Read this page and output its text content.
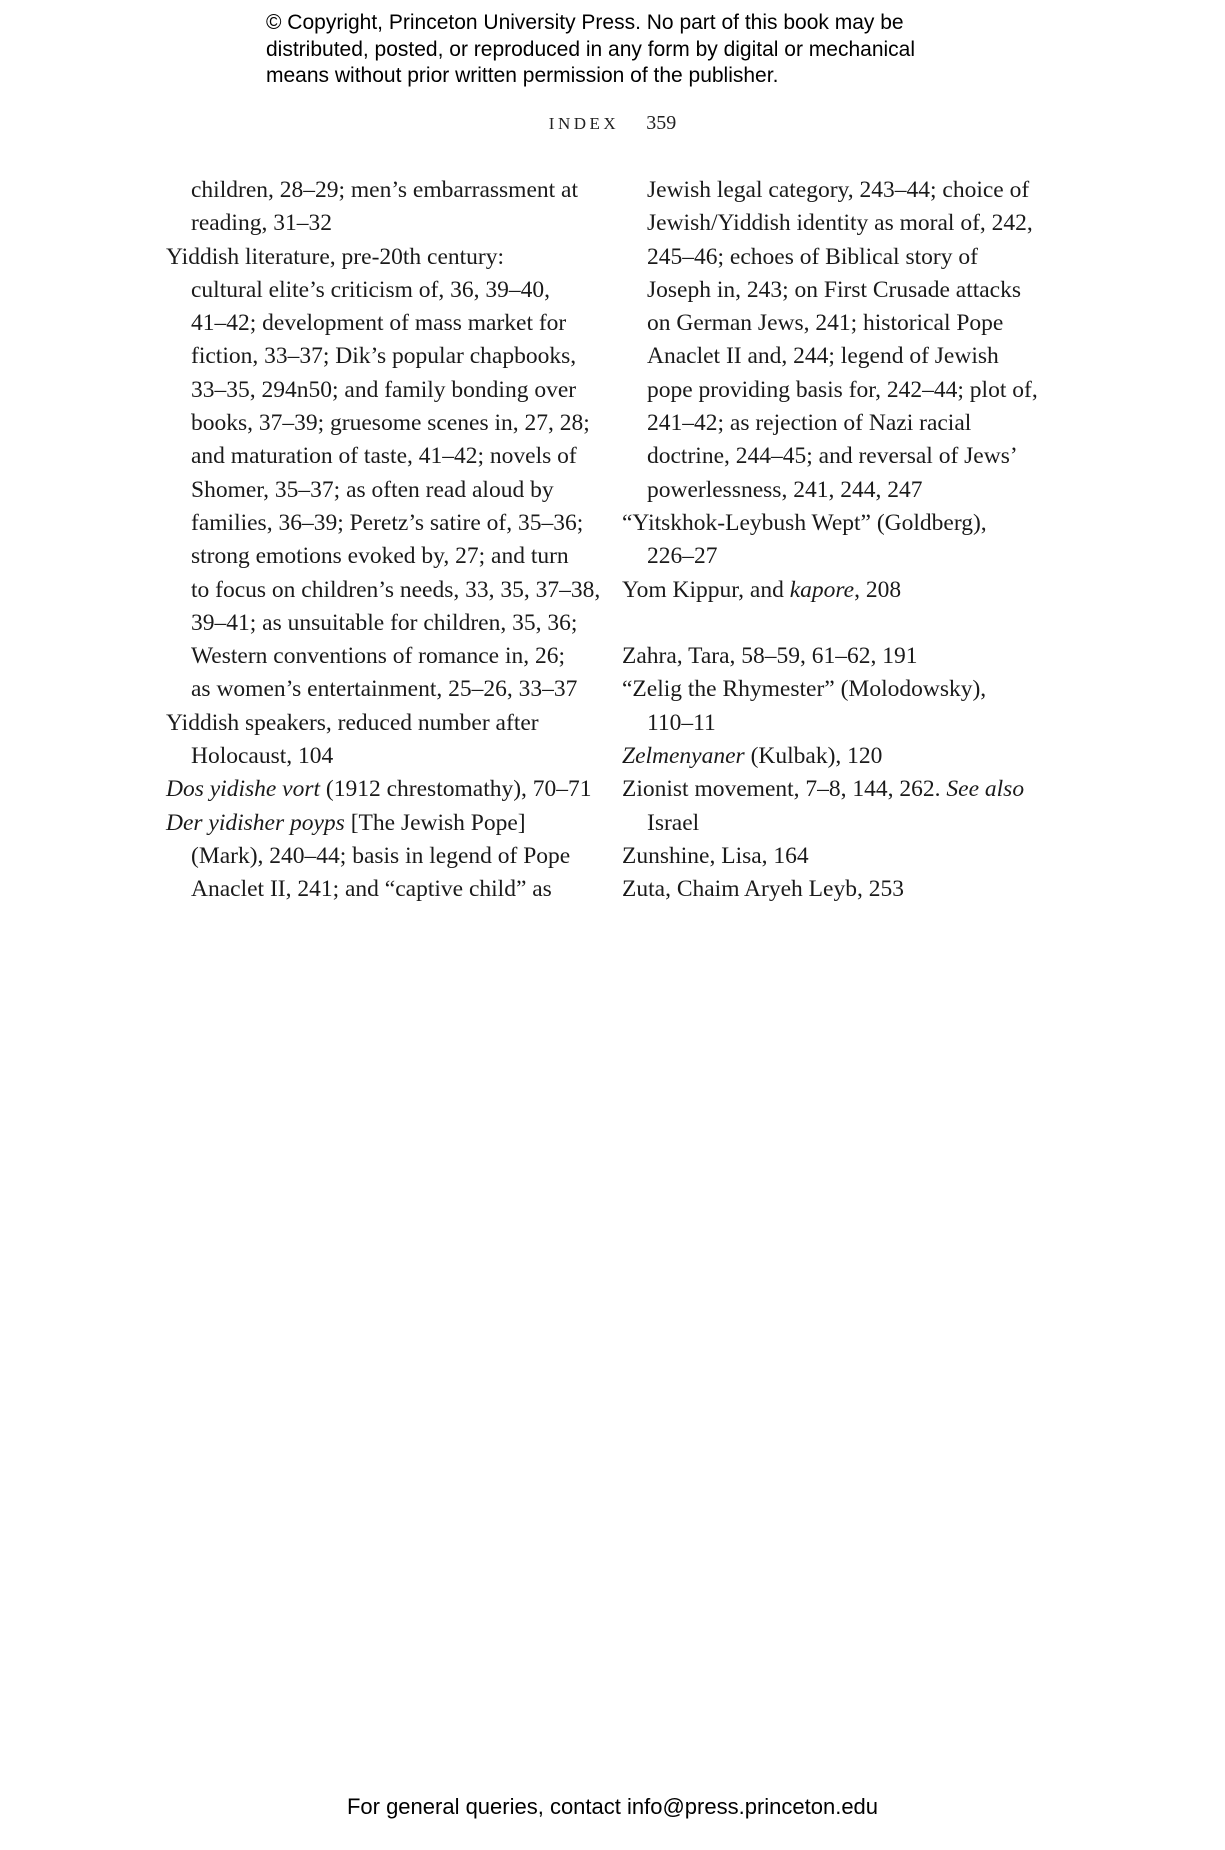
© Copyright, Princeton University Press. No part of this book may be
distributed, posted, or reproduced in any form by digital or mechanical
means without prior written permission of the publisher.
INDEX 359
children, 28–29; men’s embarrassment at
reading, 31–32
Yiddish literature, pre-20th century:
cultural elite’s criticism of, 36, 39–40,
41–42; development of mass market for
fiction, 33–37; Dik’s popular chapbooks,
33–35, 294n50; and family bonding over
books, 37–39; gruesome scenes in, 27, 28;
and maturation of taste, 41–42; novels of
Shomer, 35–37; as often read aloud by
families, 36–39; Peretz’s satire of, 35–36;
strong emotions evoked by, 27; and turn
to focus on children’s needs, 33, 35, 37–38,
39–41; as unsuitable for children, 35, 36;
Western conventions of romance in, 26;
as women’s entertainment, 25–26, 33–37
Yiddish speakers, reduced number after
Holocaust, 104
Dos yidishe vort (1912 chrestomathy), 70–71
Der yidisher poyps [The Jewish Pope]
(Mark), 240–44; basis in legend of Pope
Anaclet II, 241; and “captive child” as
Jewish legal category, 243–44; choice of
Jewish/Yiddish identity as moral of, 242,
245–46; echoes of Biblical story of
Joseph in, 243; on First Crusade attacks
on German Jews, 241; historical Pope
Anaclet II and, 244; legend of Jewish
pope providing basis for, 242–44; plot of,
241–42; as rejection of Nazi racial
doctrine, 244–45; and reversal of Jews’
powerlessness, 241, 244, 247
“Yitskhok-Leybush Wept” (Goldberg),
226–27
Yom Kippur, and kapore, 208
Zahra, Tara, 58–59, 61–62, 191
“Zelig the Rhymester” (Molodowsky),
110–11
Zelmenyaner (Kulbak), 120
Zionist movement, 7–8, 144, 262. See also
Israel
Zunshine, Lisa, 164
Zuta, Chaim Aryeh Leyb, 253
For general queries, contact info@press.princeton.edu
